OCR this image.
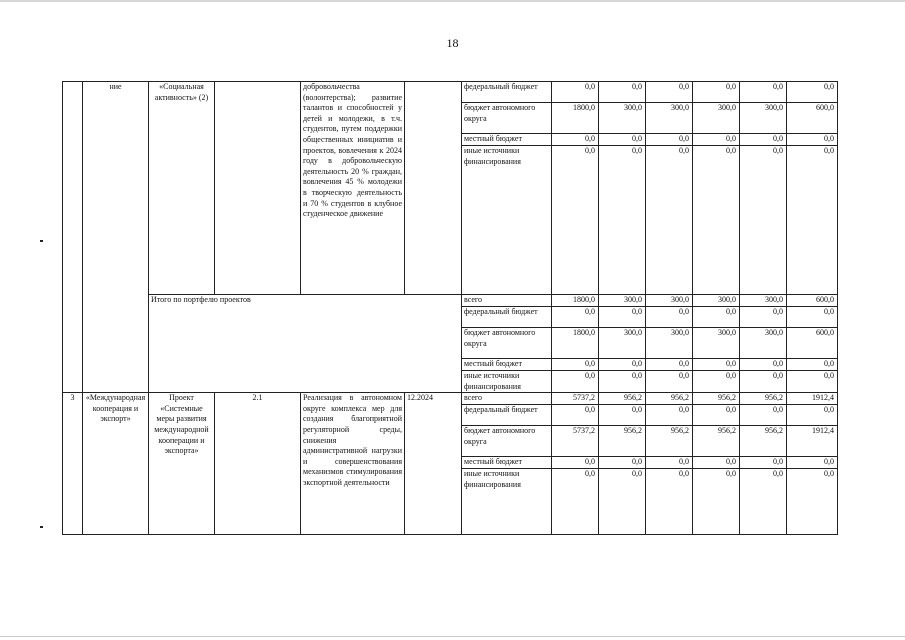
18
	ние	«Социальная активность» (2)		добровольчества (волонтерства); развитие талантов и способностей у детей и молодежи, в т.ч. студентов, путем поддержки общественных инициатив и проектов, вовлечения к 2024 году в добровольческую деятельность 20 % граждан, вовлечения 45 % молодежи в творческую деятельность и 70 % студентов в клубное студенческое движение		федеральный бюджет	0,0	0,0	0,0	0,0	0,0	0,0
						бюджет автономного округа	1800,0	300,0	300,0	300,0	300,0	600,0
						местный бюджет	0,0	0,0	0,0	0,0	0,0	0,0
						иные источники финансирования	0,0	0,0	0,0	0,0	0,0	0,0
		Итого по портфелю проектов				всего	1800,0	300,0	300,0	300,0	300,0	600,0
						федеральный бюджет	0,0	0,0	0,0	0,0	0,0	0,0
						бюджет автономного округа	1800,0	300,0	300,0	300,0	300,0	600,0
						местный бюджет	0,0	0,0	0,0	0,0	0,0	0,0
						иные источники финансирования	0,0	0,0	0,0	0,0	0,0	0,0
3	«Международная кооперация и экспорт»	Проект «Системные меры развития международной кооперации и экспорта»	2.1	Реализация в автономном округе комплекса мер для создания благоприятной регуляторной среды, снижения административной нагрузки и совершенствования механизмов стимулирования экспортной деятельности	12.2024	всего	5737,2	956,2	956,2	956,2	956,2	1912,4
						федеральный бюджет	0,0	0,0	0,0	0,0	0,0	0,0
						бюджет автономного округа	5737,2	956,2	956,2	956,2	956,2	1912,4
						местный бюджет	0,0	0,0	0,0	0,0	0,0	0,0
						иные источники финансирования	0,0	0,0	0,0	0,0	0,0	0,0
